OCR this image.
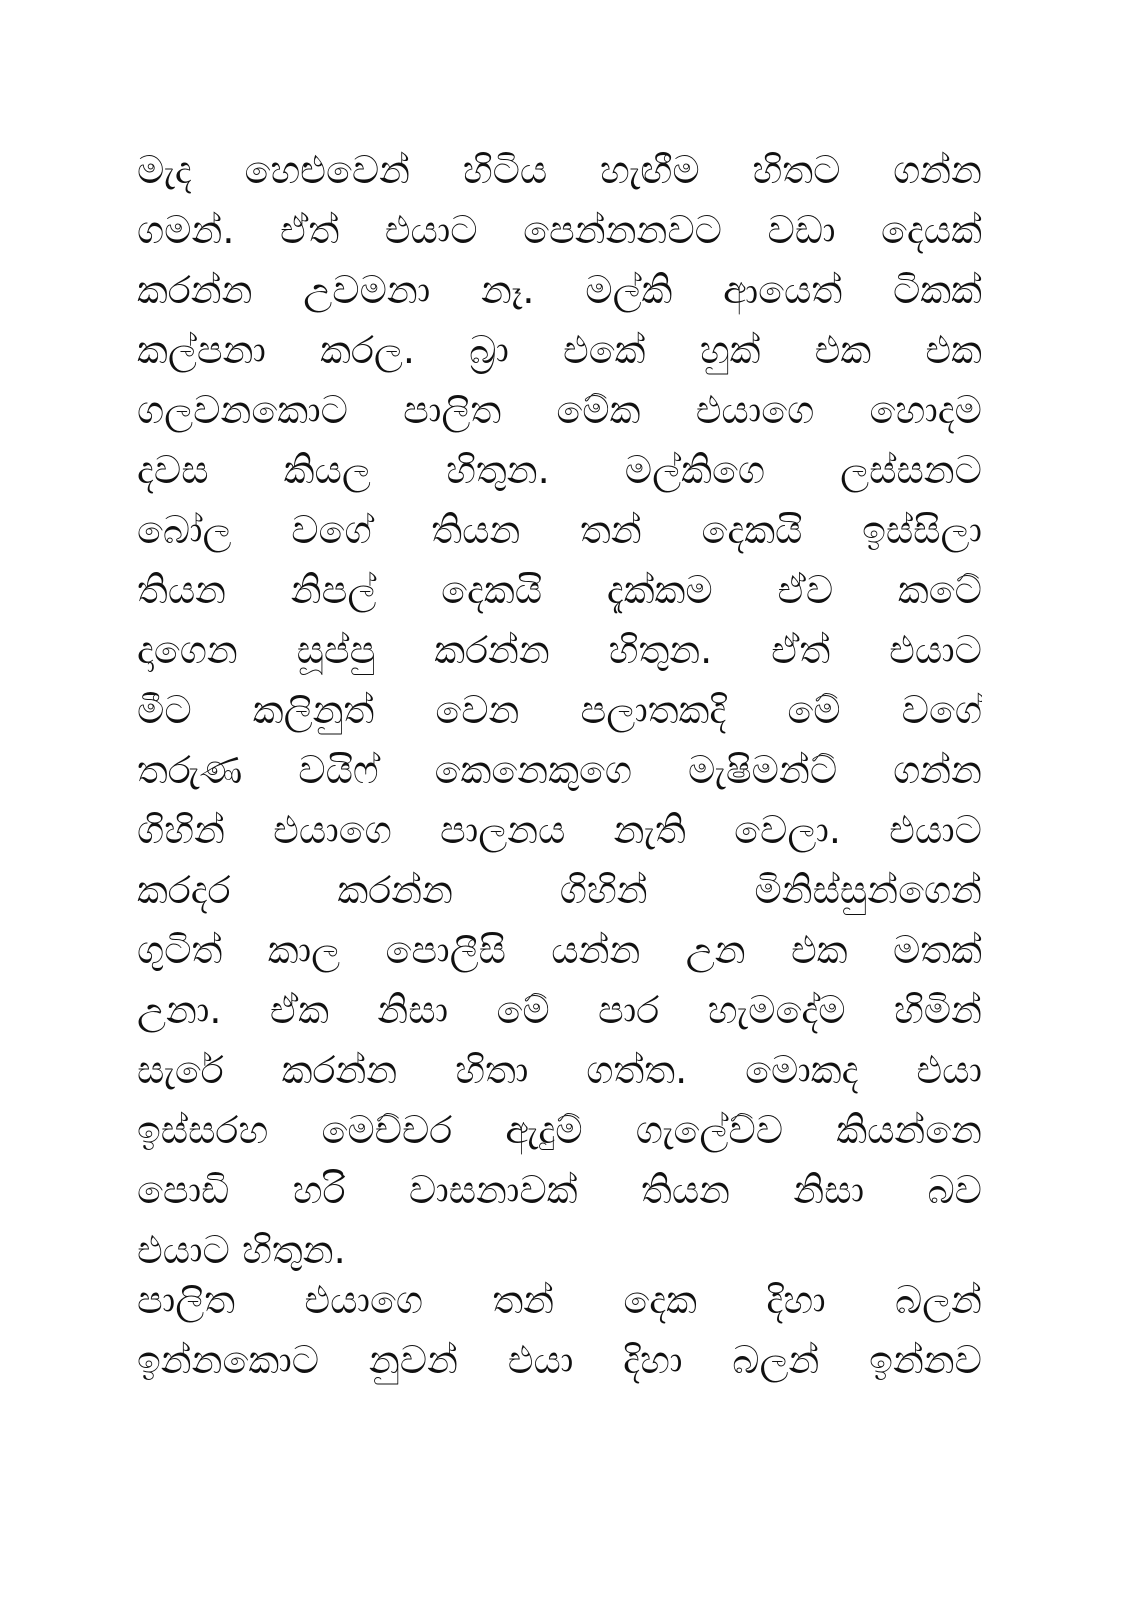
මැද හෙළුවෙන් හිටිය හැඟීම හිතට ගන්න
ගමන්. ඒත් එයාට පෙන්නනවට වඩා දෙයක්
කරන්න උවමනා නෑ. මල්කි ආයෙත් ටිකක්
කල්පනා කරල. බ්‍රා එකේ හුක් එක එක
ගලවනකොට පාලිත මේක එයාගෙ හොදම
දවස කියල හිතුන. මල්කිගෙ ලස්සනට
බෝල වගේ තියන තන් දෙකයි ඉස්සිලා
තියන නිපල් දෙකයි දැක්කම ඒව කටේ
දාගෙන සූප්පු කරන්න හිතුන. ඒත් එයාට
මීට කලිනුත් වෙන පලාතකදි මේ වගේ
තරුණ වයිෆ් කෙනෙකුගෙ මැෂිමන්ට් ගන්න
ගිහින් එයාගෙ පාලනය නැති වෙලා. එයාට
කරදර කරන්න ගිහින් මිනිස්සුන්ගෙන්
ගුටිත් කාල පොලීසි යන්න උන එක මතක්
උනා. ඒක නිසා මේ පාර හැමදේම හිමින්
සැරේ කරන්න හිතා ගත්ත. මොකද එයා
ඉස්සරහ මෙච්චර ඇදුම් ගැලේව්ව කියන්නෙ
පොඩි හරි වාසනාවක් තියන නිසා බව
එයාට හිතුන.
පාලිත එයාගෙ තන් දෙක දිහා බලන්
ඉන්නකොට නුවන් එයා දිහා බලන් ඉන්නව
